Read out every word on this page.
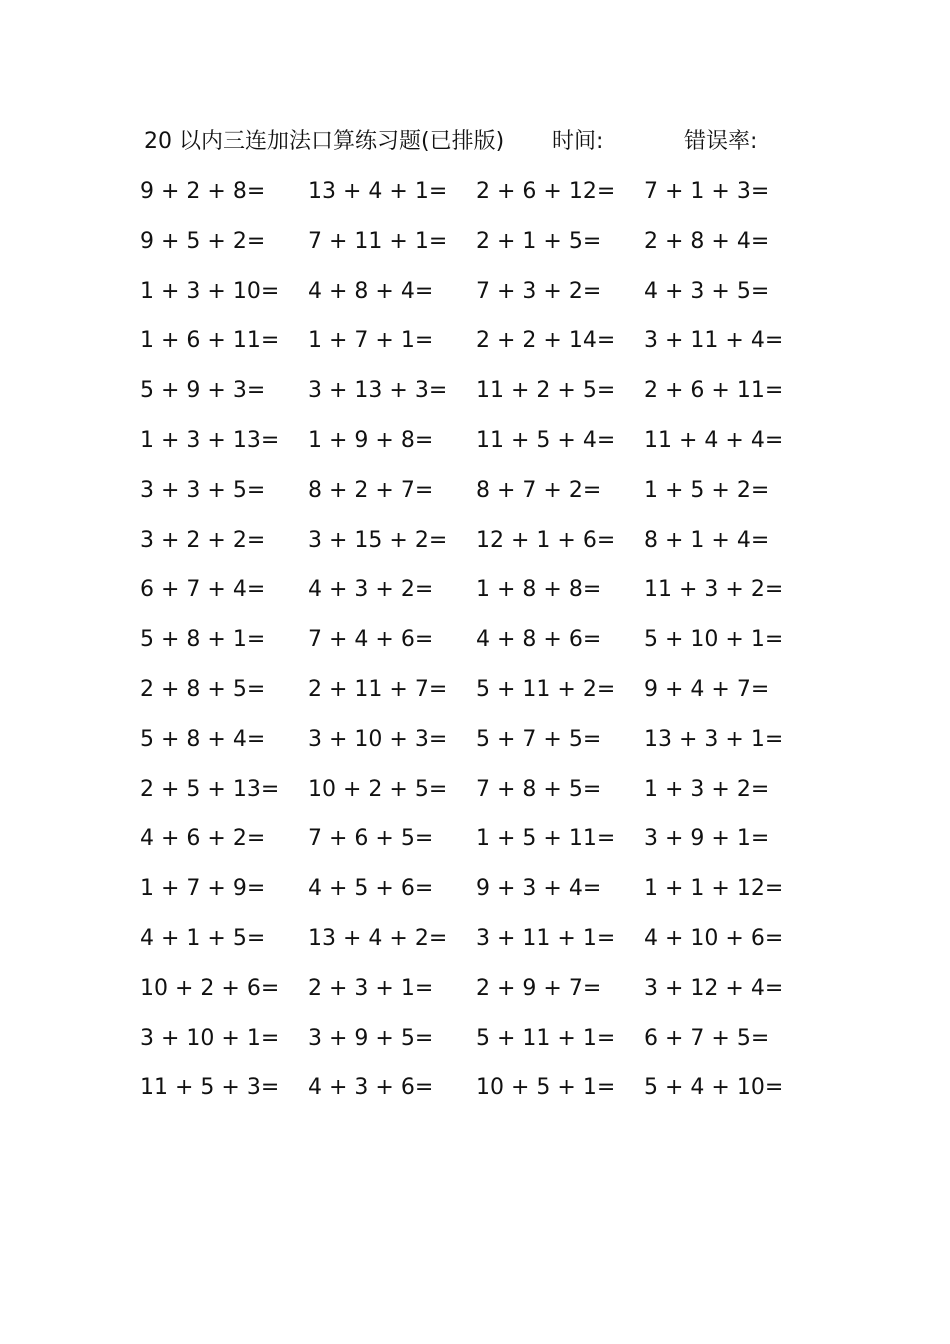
20 以内三连加法口算练习题(已排版) 时间:	错误率:
9 + 2 + 8= 13 + 4 + 1= 2 + 6 + 12= 7 + 1 + 3=
9 + 5 + 2= 7 + 11 + 1= 2 + 1 + 5= 2 + 8 + 4=
1 + 3 + 10= 4 + 8 + 4= 7 + 3 + 2= 4 + 3 + 5=
1 + 6 + 11= 1 + 7 + 1= 2 + 2 + 14= 3 + 11 + 4=
5 + 9 + 3= 3 + 13 + 3= 11 + 2 + 5= 2 + 6 + 11=
1 + 3 + 13= 1 + 9 + 8= 11 + 5 + 4= 11 + 4 + 4=
3 + 3 + 5= 8 + 2 + 7= 8 + 7 + 2= 1 + 5 + 2=
3 + 2 + 2= 3 + 15 + 2= 12 + 1 + 6= 8 + 1 + 4=
6 + 7 + 4= 4 + 3 + 2= 1 + 8 + 8= 11 + 3 + 2=
5 + 8 + 1= 7 + 4 + 6= 4 + 8 + 6= 5 + 10 + 1=
2 + 8 + 5= 2 + 11 + 7= 5 + 11 + 2= 9 + 4 + 7=
5 + 8 + 4= 3 + 10 + 3= 5 + 7 + 5= 13 + 3 + 1=
2 + 5 + 13= 10 + 2 + 5= 7 + 8 + 5= 1 + 3 + 2=
4 + 6 + 2= 7 + 6 + 5= 1 + 5 + 11= 3 + 9 + 1=
1 + 7 + 9= 4 + 5 + 6= 9 + 3 + 4= 1 + 1 + 12=
4 + 1 + 5= 13 + 4 + 2= 3 + 11 + 1= 4 + 10 + 6=
10 + 2 + 6= 2 + 3 + 1= 2 + 9 + 7= 3 + 12 + 4=
3 + 10 + 1= 3 + 9 + 5= 5 + 11 + 1= 6 + 7 + 5=
11 + 5 + 3= 4 + 3 + 6= 10 + 5 + 1= 5 + 4 + 10=
